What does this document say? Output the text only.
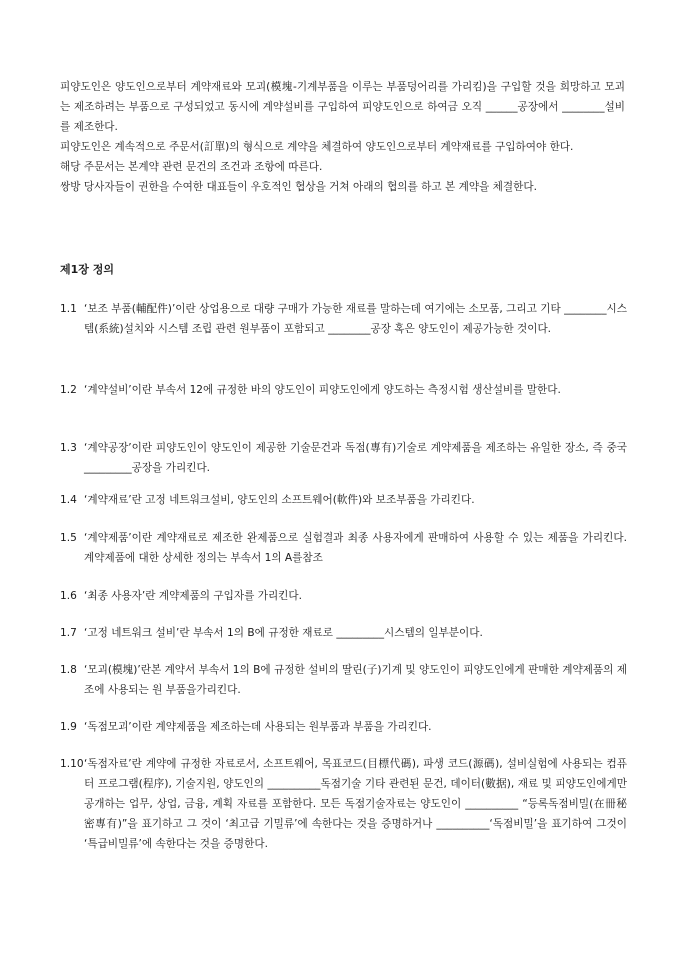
피양도인은 양도인으로부터 계약재료와 모괴(模塊-기계부품을 이루는 부품덩어리를 가리킴)을 구입할 것을 희망하고 모괴는 제조하려는 부품으로 구성되었고 동시에 계약설비를 구입하여 피양도인으로 하여금 오직 ______공장에서 ________설비를 제조한다.

피양도인은 계속적으로 주문서(訂單)의 형식으로 계약을 체결하여 양도인으로부터 계약재료를 구입하여야 한다.

해당 주문서는 본계약 관련 문건의 조건과 조항에 따른다.

쌍방 당사자들이 권한을 수여한 대표들이 우호적인 협상을 거쳐 아래의 협의를 하고 본 계약을 체결한다.

제1장 정의
1.1 ‘보조 부품(輔配件)’이란 상업용으로 대량 구매가 가능한 재료를 말하는데 여기에는 소모품, 그리고 기타 ________시스템(系統)설치와 시스템 조립 관련 원부품이 포함되고 ________공장 혹은 양도인이 제공가능한 것이다.
1.2 ‘계약설비’이란 부속서 12에 규정한 바의 양도인이 피양도인에게 양도하는 측정시험 생산설비를 말한다.
1.3 ‘계약공장’이란 피양도인이 양도인이 제공한 기술문건과 독점(專有)기술로 계약제품을 제조하는 유일한 장소, 즉 중국 _________공장을 가리킨다.
1.4 ‘계약재료’란 고정 네트워크설비, 양도인의 소프트웨어(軟件)와 보조부품을 가리킨다.
1.5 ‘계약제품’이란 계약재료로 제조한 완제품으로 실험결과 최종 사용자에게 판매하여 사용할 수 있는 제품을 가리킨다. 계약제품에 대한 상세한 정의는 부속서 1의 A를참조
1.6 ‘최종 사용자’란 계약제품의 구입자를 가리킨다.
1.7 ‘고정 네트워크 설비’란 부속서 1의 B에 규정한 재료로 _________시스템의 일부분이다.
1.8 ‘모괴(模塊)’란본 계약서 부속서 1의 B에 규정한 설비의 딸린(子)기계 및 양도인이 피양도인에게 판매한 계약제품의 제조에 사용되는 원 부품을가리킨다.
1.9 ‘독점모괴’이란 계약제품을 제조하는데 사용되는 원부품과 부품을 가리킨다.
1.10 ‘독점자료’란 계약에 규정한 자료로서, 소프트웨어, 목표코드(目標代碼), 파생 코드(源碼), 설비실험에 사용되는 컴퓨터 프로그램(程序), 기술지원, 양도인의 __________독점기술 기타 관련된 문건, 데이터(數据), 재료 및 피양도인에게만 공개하는 업무, 상업, 금융, 계획 자료를 포함한다. 모든 독점기술자료는 양도인이 __________ “등록독점비밀(在冊秘密專有)”을 표기하고 그 것이 ‘최고급 기밀류’에 속한다는 것을 증명하거나 __________‘독점비밀’을 표기하여 그것이 ‘특급비밀류’에 속한다는 것을 증명한다.
